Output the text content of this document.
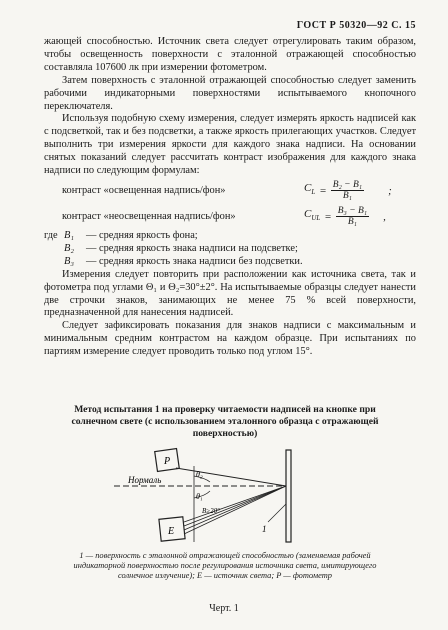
ГОСТ Р 50320—92 С. 15

жающей способностью. Источник света следует отрегулировать таким образом, чтобы освещенность поверхности с эталонной отражающей способностью составляла 107600 лк при измерении фотометром.

Затем поверхность с эталонной отражающей способностью следует заменить рабочими индикаторными поверхностями испытываемого кнопочного переключателя.

Используя подобную схему измерения, следует измерять яркость надписей как с подсветкой, так и без подсветки, а также яркость прилегающих участков. Следует выполнить три измерения яркости для каждого знака надписи. На основании снятых показаний следует рассчитать контраст изображения для каждого знака надписи по следующим формулам:

контраст «освещенная надпись/фон»	$C_L = \frac{\text{B₂ − B₁}}{\text{B₁}}$ ;
контраст «неосвещенная надпись/фон»	$C_{UL} = \frac{\text{B₃ − B₁}}{\text{B₁}}$ ,
где B₁	— средняя яркость фона;
B₂	— средняя яркость знака надписи на подсветке;
B₃	— средняя яркость знака надписи без подсветки.

Измерения следует повторить при расположении как источника света, так и фотометра под углами Θ₁ и Θ₂=30°±2°. На испытываемые образцы следует нанести две строчки знаков, занимающих не менее 75 % всей поверхности, предназначенной для нанесения надписей.

Следует зафиксировать показания для знаков надписи с максимальным и минимальным средним контрастом на каждом образце. При испытаниях по партиям измерение следует проводить только под углом 15°.

Метод испытания 1 на проверку читаемости надписей на кнопке при солнечном свете (с использованием эталонного образца с отражающей поверхностью)
P
E
θ₂
θ₁
B≥20°
Нормаль
1
1 — поверхность с эталонной отражающей способностью (заменяемая рабочей индикаторной поверхностью после регулирования источника света, имитирующего солнечное излучение); E — источник света; P — фотометр
Черт. 1
